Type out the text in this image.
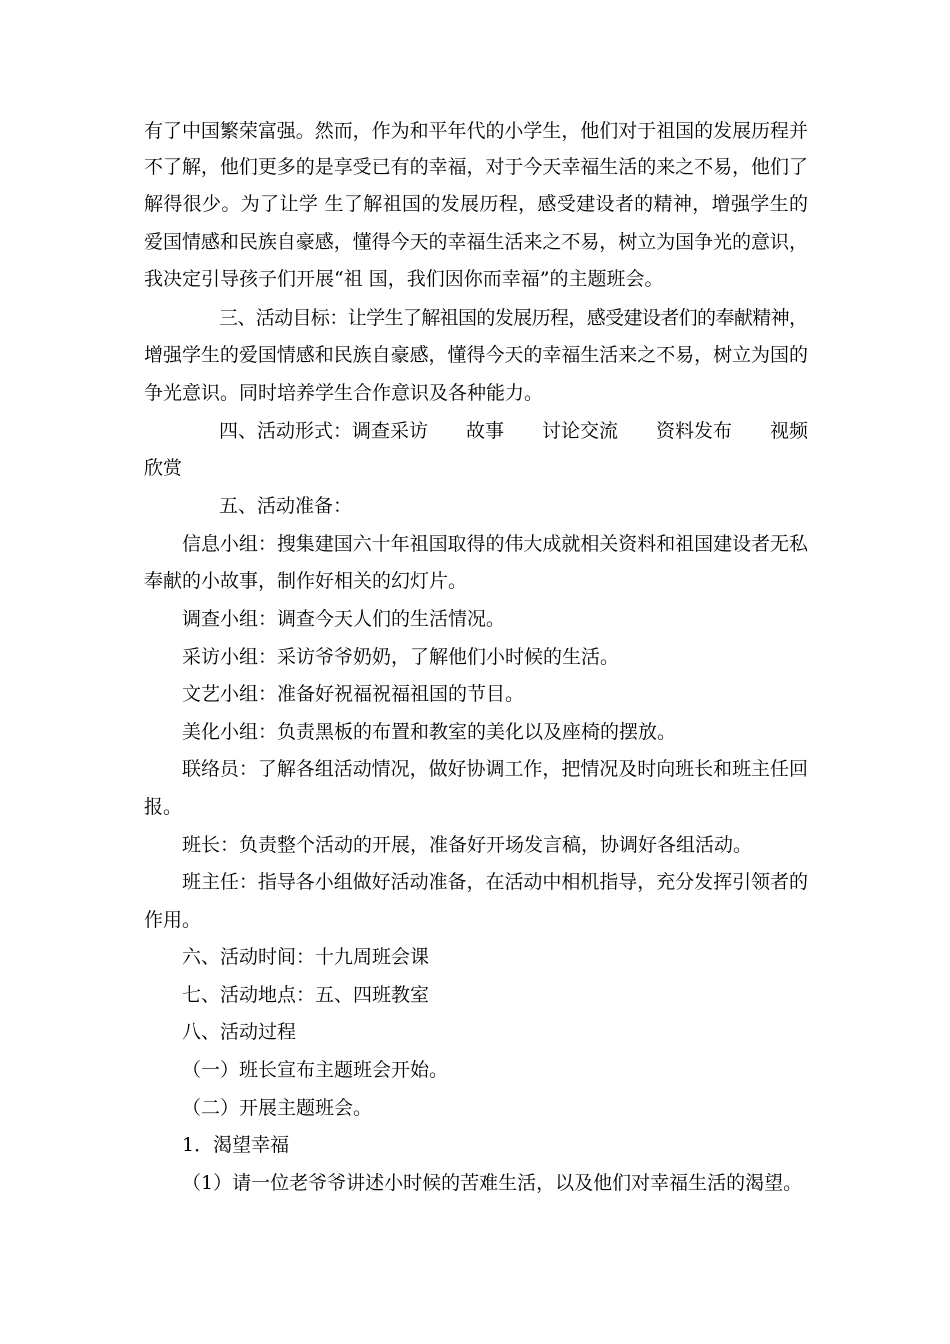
有了中国繁荣富强。然而，作为和平年代的小学生，他们对于祖国的发展历程并
不了解，他们更多的是享受已有的幸福，对于今天幸福生活的来之不易，他们了
解得很少。为了让学 生了解祖国的发展历程，感受建设者的精神，增强学生的
爱国情感和民族自豪感，懂得今天的幸福生活来之不易，树立为国争光的意识，
我决定引导孩子们开展“祖 国，我们因你而幸福”的主题班会。
三、活动目标：让学生了解祖国的发展历程，感受建设者们的奉献精神，
增强学生的爱国情感和民族自豪感，懂得今天的幸福生活来之不易，树立为国的
争光意识。同时培养学生合作意识及各种能力。
四、活动形式：调查采访 故事 讨论交流 资料发布 视频
欣赏
五、活动准备：
信息小组：搜集建国六十年祖国取得的伟大成就相关资料和祖国建设者无私
奉献的小故事，制作好相关的幻灯片。
调查小组：调查今天人们的生活情况。
采访小组：采访爷爷奶奶，了解他们小时候的生活。
文艺小组：准备好祝福祝福祖国的节目。
美化小组：负责黑板的布置和教室的美化以及座椅的摆放。
联络员：了解各组活动情况，做好协调工作，把情况及时向班长和班主任回
报。
班长：负责整个活动的开展，准备好开场发言稿，协调好各组活动。
班主任：指导各小组做好活动准备，在活动中相机指导，充分发挥引领者的
作用。
六、活动时间：十九周班会课
七、活动地点：五、四班教室
八、活动过程
（一）班长宣布主题班会开始。
（二）开展主题班会。
1．渴望幸福
（1）请一位老爷爷讲述小时候的苦难生活，以及他们对幸福生活的渴望。
